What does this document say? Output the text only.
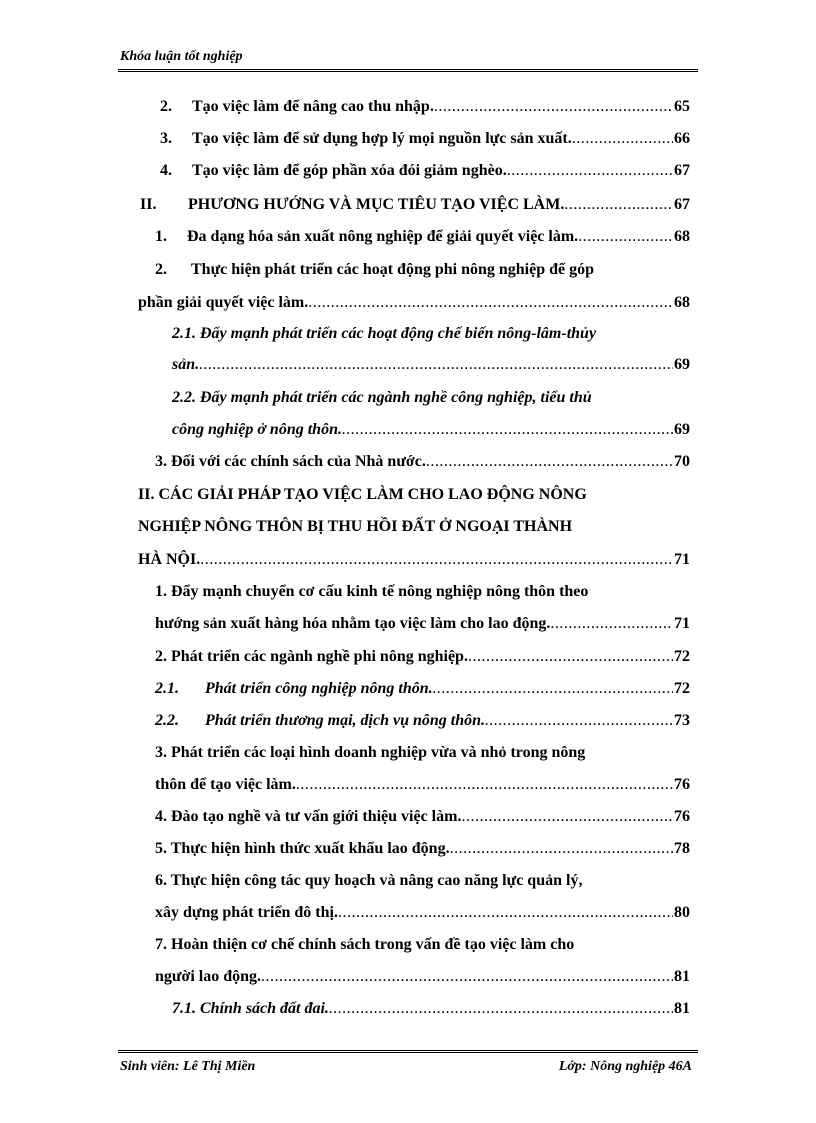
Khóa luận tốt nghiệp
2. Tạo việc làm để nâng cao thu nhập. .....	65
3. Tạo việc làm để sử dụng hợp lý mọi nguồn lực sản xuất. .....	66
4. Tạo việc làm để góp phần xóa đói giảm nghèo. .....	67
II. PHƯƠNG HƯỚNG VÀ MỤC TIÊU TẠO VIỆC LÀM. .....	67
1. Đa dạng hóa sản xuất nông nghiệp để giải quyết việc làm. .....	68
2. Thực hiện phát triển các hoạt động phi nông nghiệp để góp
phần giải quyết việc làm. .....	68
2.1. Đẩy mạnh phát triển các hoạt động chế biến nông-lâm-thủy
sản. .....	69
2.2. Đẩy mạnh phát triển các ngành nghề công nghiệp, tiểu thủ
công nghiệp ở nông thôn. .....	69
3. Đối với các chính sách của Nhà nước. .....	70
II. CÁC GIẢI PHÁP TẠO VIỆC LÀM CHO LAO ĐỘNG NÔNG
NGHIỆP NÔNG THÔN BỊ THU HỒI ĐẤT Ở NGOẠI THÀNH
HÀ NỘI. .....	71
1. Đẩy mạnh chuyển cơ cấu kinh tế nông nghiệp nông thôn theo
hướng sản xuất hàng hóa nhằm tạo việc làm cho lao động. .....	71
2. Phát triển các ngành nghề phi nông nghiệp. .....	72
2.1. Phát triển công nghiệp nông thôn. .....	72
2.2. Phát triển thương mại, dịch vụ nông thôn. .....	73
3. Phát triển các loại hình doanh nghiệp vừa và nhỏ trong nông
thôn để tạo việc làm. .....	76
4. Đào tạo nghề và tư vấn giới thiệu việc làm. .....	76
5. Thực hiện hình thức xuất khẩu lao động. .....	78
6. Thực hiện công tác quy hoạch và nâng cao năng lực quản lý,
xây dựng phát triển đô thị. .....	80
7. Hoàn thiện cơ chế chính sách trong vấn đề tạo việc làm cho
người lao động. .....	81
7.1. Chính sách đất đai. .....	81
Sinh viên: Lê Thị Miền	Lớp: Nông nghiệp 46A
